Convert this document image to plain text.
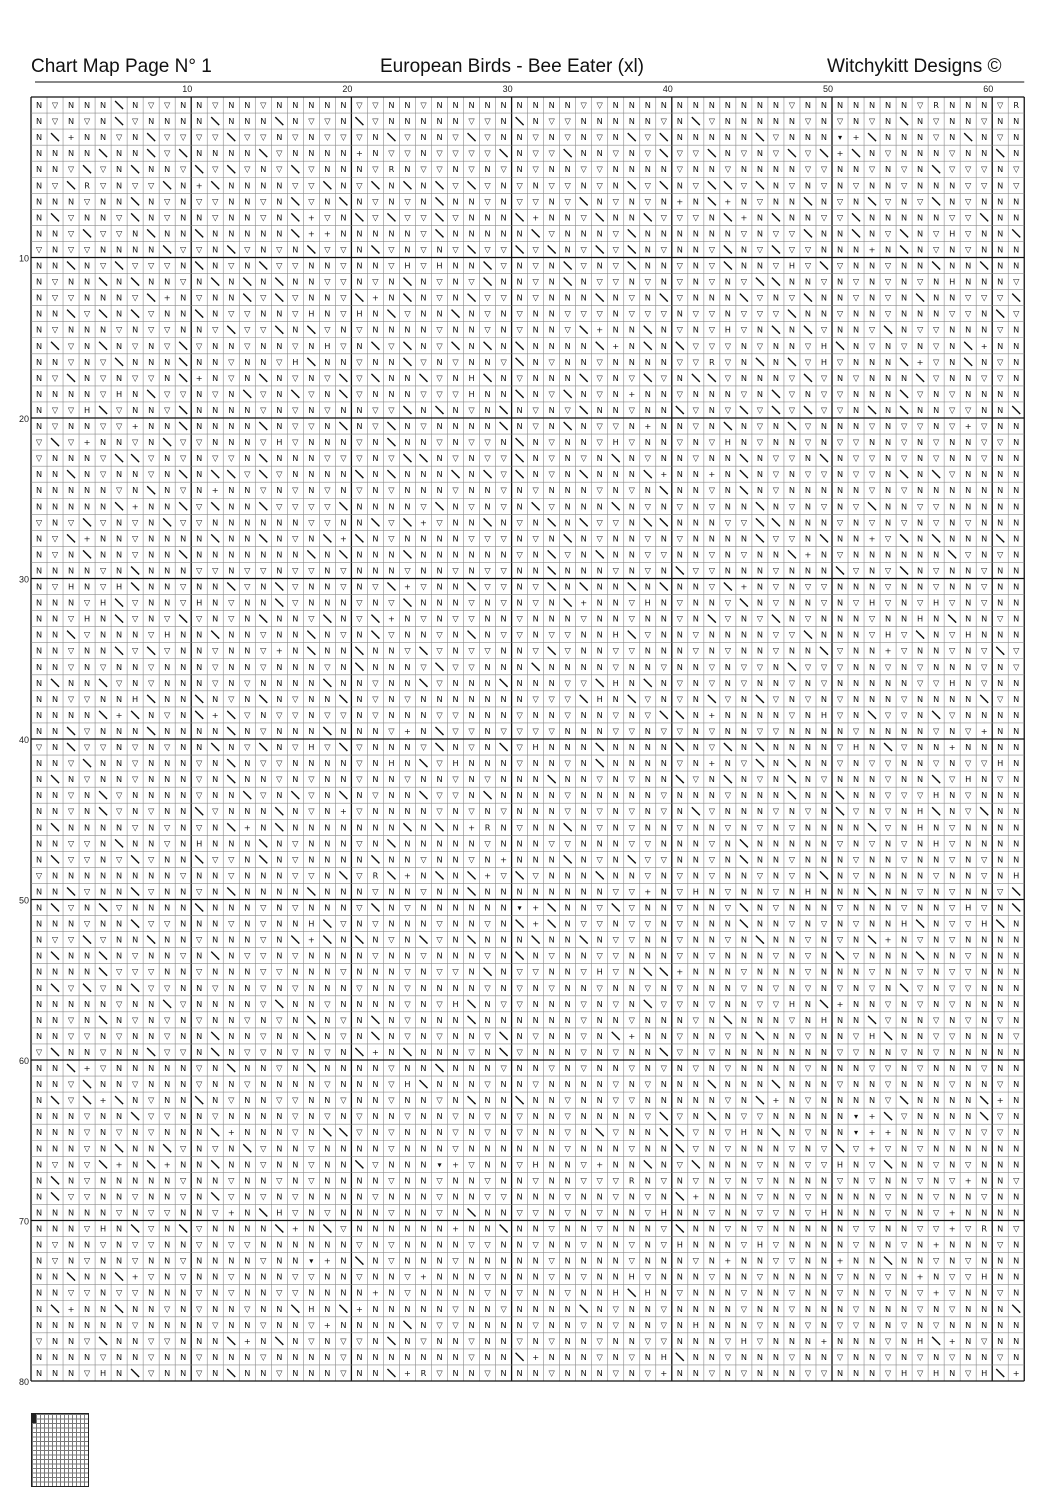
Chart Map Page N° 1	European Birds - Bee Eater (xl)	Witchykitt Designs ©
N ▽ N N N	N ▽ ▽ N N ▽ N N ▽ N N N N N ▽ ▽ N N ▽ N N N N N N N N N ▽ ▽ N N N N N N N N N N N ▽ N N N N N N N ▽ R N N N ▽ R
N ▽ N ▽ N	▽ N N N N	N N N	N ▽ ▽ N	▽ N N N N N ▽ ▽ N	N ▽ ▽ N N N N N ▽ N	▽ N N N N N ▽ N ▽ N ▽ N	N ▽ N N ▽ N N
N	+ N N ▽ N	▽ ▽ ▽ ▽	▽ ▽ N ▽ N ▽ ▽ ▽ N	▽ N N ▽	▽ N N ▽ N ▽ N ▽ N	▽	N N N N N	▽ N N N ▾ +	N N N ▽ N	N ▽ N
N N N N	N N	▽	N N N N	▽ N N N N + N ▽ ▽ N ▽ ▽ ▽ ▽	N ▽ ▽	N N ▽ N ▽	▽ ▽	N ▽ N ▽	▽	+	N ▽ N N N ▽ N N	N
N N ▽	▽ N	N N ▽	▽	▽ N ▽	▽ N N N ▽ R N ▽ ▽ N ▽ N ▽ N ▽ N N ▽ ▽ N N N N ▽ N N ▽ N N N N ▽ ▽ N N ▽ N ▽ N	▽ ▽ ▽ N ▽
N ▽	R ▽ N ▽ ▽	N +	N N N N ▽ ▽	N ▽	N	N	▽	▽ N ▽ N ▽ ▽ N ▽ N	▽	N ▽	▽	N ▽ N ▽ N ▽ N N ▽ N N N ▽ ▽ N ▽
N N N ▽ N N	N ▽ N ▽ ▽ N N ▽ N	▽ N	N ▽ N ▽ N	N N ▽ N ▽ ▽ N ▽	N ▽ N ▽ N + N	+ N ▽ N N	N ▽ N	▽ N ▽	N ▽ N N N
N	▽ N N ▽	N ▽ N N ▽ N N ▽ N	+ ▽ N	▽	▽ ▽	▽ N N N	+ N N ▽	N N	▽ ▽ ▽ N	+ N	N N ▽ ▽	N N N N N ▽ ▽	N N
N N ▽	▽ ▽ N	N N	N N N N N	+ + N N N N N ▽	N N N N N	▽ N N N ▽	N N N N N N ▽ N ▽ ▽	N N	N ▽	N ▽ H ▽ N N
▽ N ▽ ▽ N N N N	▽ ▽ N	▽ N ▽ N	▽ ▽ N	▽ N ▽ N ▽	▽ ▽	▽	N ▽	▽	N ▽ N N ▽	N ▽	▽ ▽ N N N + N	N ▽ N ▽ N N N
N N	N ▽	▽ ▽ ▽ N	N ▽ N	▽ ▽ N N ▽ N N ▽ H ▽ H N N	▽ N ▽ N	▽ N ▽	N N ▽ N ▽	N N ▽ H ▽	▽ N N ▽ N N	N N	N N
N ▽ N N	N	N N ▽ N	N	N	N N ▽ ▽ N ▽ N	N ▽ N ▽	N N ▽ N	N ▽ ▽ N ▽ N ▽ N ▽ N ▽	N N ▽ N ▽ N ▽ N ▽ N H N N N ▽
N ▽ ▽ N N N ▽	+ N ▽ N N	▽	▽ N N ▽	+ N	N ▽ N	▽ ▽ N ▽ N N N	N ▽ N	▽ N N N	▽ N ▽	N N ▽ N ▽ N	N N ▽ ▽ ▽
N N	▽	N	▽ N N	N ▽ ▽ N N ▽ H N ▽ H N	▽ N N	N ▽ N ▽ N N ▽ ▽ ▽ N ▽ ▽ ▽ N ▽ ▽ N ▽ ▽ ▽	N N ▽ N N ▽ N N N ▽ ▽ N	▽
N ▽ N N N ▽ N ▽ ▽ N N ▽	▽ ▽	N	▽ N ▽ N N N N ▽ N N ▽ N ▽ N N ▽	+ N N	N ▽ N ▽ H ▽ N	N	▽ N N ▽	N ▽ ▽ N N N ▽ N
N	▽ N	N ▽ N ▽	▽ N N ▽ N N ▽ N H ▽ N	▽	N ▽	N	N	N N N N	+ N	N	▽ ▽ ▽ N ▽ N N ▽ H	N ▽ N ▽ N ▽ N	+ N N
N N ▽ N ▽	N N N	N N ▽ N N ▽ H	N N ▽ N N	▽ N ▽ N N ▽	N ▽ N N ▽ N N N N ▽ ▽ R ▽ N	N	▽ H ▽ N N N	+ ▽ N	N ▽ N
N ▽	N ▽ N ▽ ▽ N	+ N ▽ N	N ▽ N ▽	▽	N N	▽ N H	N ▽ N N N	▽ N ▽	▽ N	▽ N N N ▽	▽ N ▽ N N N	▽ N N ▽ ▽ N
N N N N ▽ H N	▽ ▽ N ▽ N	▽ N	▽ N	▽ N N N ▽ ▽ ▽ H N N	N ▽	N ▽ N + N N ▽ N N N ▽ N	▽ N ▽ ▽ N N N	▽ N ▽ N N N N
N ▽ ▽ H	▽ N N ▽	N N N N ▽ N ▽ N ▽ N N ▽ ▽	N	N ▽ N	N ▽ N ▽	N N ▽ N N	▽ N ▽	▽	▽	▽ ▽ N	N	N N ▽ ▽ N N
N ▽ N N ▽ ▽ + N N	N N N N	N ▽ ▽ N	N ▽	N ▽ N N N N	N ▽ N	N ▽ ▽ N + N N ▽ N	N ▽ N	▽ N N N ▽ N ▽ ▽ N ▽ + ▽ N N
▽	▽ + N N ▽ N	▽ ▽ N N N ▽ H ▽ N N N ▽ N	N N ▽ N ▽ ▽ N	N ▽ N N ▽ H ▽ N N ▽ N ▽ H N ▽ N N ▽ N ▽ ▽ N N ▽ N ▽ N N ▽ ▽ N
▽ N N N ▽	▽ N ▽ N ▽ ▽ N	N N N ▽ ▽ ▽ N ▽	N ▽ N ▽ ▽	N ▽ N ▽ N	N ▽ N N ▽ N N	N ▽ ▽ N	N ▽ ▽ N ▽ N ▽ N N ▽ N N
N N	N ▽ N N ▽ N	N	▽	▽ N N N N	N	N N N	N	▽	N ▽ N	N N N	+ N N + N	N ▽ N ▽ ▽ N ▽ ▽ N	N	▽ N N N N
N N N N N ▽ N	N ▽ N + N N ▽ N ▽ N ▽ N ▽ N ▽ N N N ▽ N N ▽ N ▽ N N N ▽ N ▽ N	N N ▽ N	N ▽ N N N N N ▽ N ▽ N N N N N N N
N N N N N	+ N N	▽	N N	▽ ▽ ▽ ▽	N N N N ▽	N ▽ N ▽ N	▽ N N N	N ▽ N ▽ N ▽ N N	N ▽ N ▽ N ▽	N N ▽ ▽ N N N N N
▽ N ▽	▽ N ▽ N	▽ ▽ N N N N N N ▽ ▽ N N	▽	+ ▽ N N	N ▽ N	N	▽ ▽ N	N N N ▽ ▽	N N N ▽ N ▽ N ▽ N ▽ N ▽ N N N
N ▽	+ N N ▽ N N N N	N N	N ▽ N	+	N ▽ N N N N ▽ ▽ ▽ N ▽ N	N ▽ N N ▽ N ▽ N N N N	▽ ▽ N	N N + ▽	N	N N N	N
N ▽ N	N N ▽ N N	N N N N N N N	N	N N N	N N N N N N ▽ N	▽ N	N N ▽ ▽ N N ▽ N ▽ N N	+ N ▽ N N N N N N	▽ N ▽ N
N N N N ▽ N	N N N ▽ ▽ N ▽ ▽ N ▽ ▽ N ▽ N N N ▽ N N ▽ N ▽ ▽ N N	N N N ▽ N ▽ N	▽ ▽ N N N ▽ N N N	▽ N ▽	N ▽ N N ▽ N N
N ▽ H N ▽ H	N N ▽ N N	▽ N	▽ N N ▽ N ▽	+ ▽ N N	▽ ▽ N ▽	N	N N	N	N N ▽	+ N ▽ N ▽ ▽ N N N ▽ N N ▽ N N ▽ N N
N N N ▽ H	▽ N N ▽ H N ▽ N N	▽ N N N ▽ N ▽	N N N ▽ N ▽ N ▽ N	+ N N ▽ H N ▽ N N ▽	N ▽ N N ▽ N ▽ H ▽ N ▽ H ▽ N ▽ N N
N N ▽ H N	▽ N ▽	▽ N ▽ N	N N ▽	N ▽	+ N ▽ N ▽ ▽ N N ▽ N N N ▽ N N ▽ N N ▽ N	▽ N ▽	N ▽ N N N ▽ N N H N	N N ▽ N
N N	▽ N N N ▽ H N N	N N ▽ N N	N ▽ N	▽ N N ▽ N	N ▽ ▽ N ▽ ▽ N N H	▽ N N ▽ N N N N ▽ ▽	N N N ▽ H ▽	N ▽ H N N N
N N ▽ N N	▽	▽ N N ▽ N N ▽ + N	N N	N N ▽	▽ N ▽ ▽ N N ▽	▽ N N ▽ ▽ N N N ▽ N ▽ N N ▽ N N	▽ N N + ▽ N N ▽ N ▽	▽
N N ▽ N ▽ N N ▽ N N N ▽ N N ▽ N N N ▽ N	N N N ▽	▽ ▽ N N N	N N N N ▽ N N ▽ N N ▽ N ▽ ▽ N	▽ ▽ ▽ N N ▽ N ▽ N N N ▽ N ▽
N	N N	▽ N ▽ N N N ▽ N ▽ N N N N	N N ▽ N N	▽ N N N	N N N ▽ ▽	H N	N ▽ N ▽ N ▽ N N ▽ N ▽ N N N N N ▽ ▽ H N ▽ N N
N N ▽ ▽ N N H	N N	N ▽ N	N ▽ N N	N ▽ N ▽ N N N N N N N ▽ ▽ ▽	H N	▽ N ▽ N	▽ N	▽ N ▽ N ▽ N N N ▽ N N N N	▽ N
N N N N	+	N ▽ N	+	▽ N ▽ ▽ N ▽ ▽ N ▽ N N N ▽ ▽ N N N ▽ N N ▽ N N ▽ N ▽	N + N N N N ▽ N H ▽ N	▽ ▽ N	▽ N N N N
N N	▽ N N N	N N N N	N ▽ N N N	N N N ▽ + N	▽ ▽ N ▽ ▽ ▽ ▽ N N N ▽ ▽ N ▽ ▽ N ▽ N N ▽ ▽ N N N N ▽ N N N N ▽ N ▽ + N N
▽ N	▽ ▽ N ▽ N ▽ N N	N ▽	N ▽ H ▽	▽ N N N ▽	N ▽ N	▽ H N N N	N N N N	N ▽	N	N N N N ▽ H N	▽ N N + N N N N
N N ▽	N N ▽ N N N ▽ N	N ▽ ▽ N N N N ▽ N H N	▽ H N N N ▽ N N ▽ N	N N N N ▽ N + N ▽	N	N N ▽ N ▽ ▽ N N ▽ N ▽ ▽ H N
N	N ▽ N N ▽ N N N ▽ N	N N ▽ N ▽ N N ▽ N N ▽ N N ▽ N ▽ N N N	N N ▽ N ▽ N N	▽ N	N ▽ N	N ▽ N N N ▽ N N	▽ H N ▽ N
N N ▽ N	▽ N N N N ▽ N N	▽ N	▽ N	N ▽ N N	▽ ▽ N	N N N N ▽ N N N N N ▽ N N N ▽ N N N	N N	N N ▽ ▽ ▽ H N ▽ N N N
N N ▽ N	▽ N ▽ N N	▽ N N N	N ▽ N + ▽ N N N N ▽ N ▽ N ▽ N N N ▽ N ▽ N ▽ N ▽ N	▽ N N N ▽ N ▽ N	▽ N ▽ N H	N ▽	N N
N	N N N N ▽ N ▽ N ▽ N	+ N	N N N N N N N	N	N + R N ▽ N N	N ▽ N ▽ N N ▽ N N ▽ N ▽ N ▽ N N N N	▽ N H N ▽ N N N N
N N ▽ ▽ N	N N ▽ N H N N N	N ▽ N N N ▽ N	N N N N N ▽ N N N ▽ ▽ N N N ▽ ▽ N N N ▽ N	N N N N N ▽ N ▽ N ▽ N H ▽ N N N N
N	▽ ▽ N ▽	▽ N N	▽ ▽ N	N ▽ N N N N	N N ▽ N N ▽ N + N N N	N ▽ N	▽ ▽ N N ▽ N	N N ▽ N N N ▽ N N ▽ N N ▽ N ▽ N N
▽ N N N N N N N N ▽ N N ▽ N N N ▽ ▽ N	▽ R	+ N	N	+ ▽	▽ N N N	N N ▽ N ▽ N ▽ N N ▽ N ▽ N	N ▽ N N N N ▽ N N ▽ N H
N N	▽ N N	▽ N N ▽ N	N N N N	N N N ▽ N N ▽ N N	N N N N N N N N ▽ ▽ + N ▽ H N ▽ N N ▽ N H N N N	N N ▽ N ▽ N N ▽
N	▽ N	▽ N N N N	N N N ▽ N ▽ N N N ▽	N ▽ N N N N N N ▾ +	N N ▽	▽ N N ▽ N N ▽	N ▽ N N N ▽ N N N ▽ N N ▽ H ▽ N
N N N ▽ N N	▽ ▽ N N N ▽ N ▽ N N H	▽ N ▽ N N N ▽ N N ▽ N	+	N ▽ ▽ N ▽ ▽ N ▽ N N N	N N ▽ N ▽ N ▽ N N H	N ▽ ▽ H	N
N ▽ ▽	▽ N N	N N ▽ N N N ▽ N	+	N	N ▽ N	▽ N	N N N	N N	N ▽ ▽ N N ▽ N N ▽ N	N N ▽ N ▽ N	+ N ▽ N ▽ N N N N
N	N N	N ▽ N N ▽ N	N ▽ ▽ N ▽ N N N N ▽ N N ▽ N N N ▽ N	N ▽ N N ▽ ▽ N N N ▽ N ▽ N N N ▽ N ▽ N	▽ N N N	N N ▽ N N N
N N N N	▽ ▽ ▽ N N ▽ N N N ▽ ▽ N N N ▽ N N N ▽ N ▽ ▽ N	N ▽ ▽ N N ▽ H ▽ N	+ N N N ▽ N N N ▽ N N N ▽ N N ▽ N ▽ ▽ N N N
N	▽	▽ N	▽ ▽ N N ▽ N N ▽ N ▽ N N N ▽ N N ▽ N N N N ▽ N ▽ N ▽ N N ▽ N N ▽ N ▽ N N N ▽ N ▽ N ▽ N ▽ N ▽ N	▽ N ▽ ▽ N N N
N N N N N ▽ N N	▽ N N N N ▽	N N ▽ N N N N ▽ N ▽ H	N ▽ ▽ N N N ▽ N ▽ N	▽ ▽ N ▽ N N ▽ ▽ H N	+ N N ▽ N ▽ N ▽ N N N N
N N ▽ N	N ▽ N ▽ N ▽ N N ▽ N ▽ N	N ▽ N	N ▽ N N N	N N N N N N ▽ N N ▽ N N N ▽ N	N N N ▽ N H N N	▽ N N ▽ N ▽ N ▽ N
N N ▽ ▽ N ▽ N N ▽ N N	N N ▽ N N	N ▽ N	N ▽ N ▽ N N ▽	N ▽ N N ▽ N	+ N N ▽ N N ▽ N	N N ▽ N N ▽ H	N N ▽ ▽ N N N ▽
▽	N N ▽ N N	▽ ▽ N	N ▽ ▽ N ▽ N ▽ N	+ N	N N N ▽ N	▽ N N N ▽ N ▽ N N	▽ N ▽ N N N N N N N ▽ ▽ N N ▽ N ▽ N N N N N
N N	+ ▽ N N N N N ▽ N	N N ▽ N	N N N N ▽ N N	N N N ▽ N N ▽ N ▽ N N ▽ N ▽ N ▽ N ▽ N N N N ▽ N N N ▽ ▽ N ▽ N N N ▽ N N
N N ▽	N N ▽ N N N ▽ N N ▽ N N N N ▽ N N N ▽ H	N N N ▽ N N ▽ N N N N ▽ N ▽ N N N	N N N	N N N ▽ N N ▽ N N N ▽ N N ▽ N
N	▽	+	N ▽ N N	N ▽ N N ▽ ▽ N N ▽ N N ▽ N N ▽ N	N N	N N ▽ N N ▽ ▽ N N N N N ▽ N	+ N ▽ N N N N ▽	N N N N	+ N
N N N ▽ N N	▽ ▽ N N ▽ N N N N ▽ N ▽ N ▽ N N ▽ N N ▽ N ▽ N ▽ N N ▽ N N N N ▽	▽ N	N ▽ ▽ N N N N N ▾ +	▽ N N N N	▽ N
N N N ▽ N ▽ N ▽ N N N	+ N N N ▽ N	▽ N ▽ N N N ▽ N ▽ N ▽ N N ▽ N	▽ N N	▽ N ▽ H N	N ▽ N N ▾ + + N N N ▽ N ▽ ▽ N
N N N ▽ N	N N	▽ N ▽ N	▽ N N ▽ N N N N ▽ N N N ▽ N N N N N N ▽ N N N ▽ N N	▽ N ▽ N N N ▽ N ▽	▽ + ▽ N ▽ N N N N N N
N ▽ N ▽	+ N	+ N N	N N ▽ N N ▽ N N	▽ N N N ▾ + ▽ N N ▽ H N N ▽ + N N	N ▽	N N N ▽ N N ▽ ▽ H N ▽	N N ▽ N ▽ N N N
N	N ▽ N N N N N ▽ N N ▽ N N ▽ N ▽ N N N N ▽ N N ▽ N N ▽ N N ▽ N N ▽ ▽ ▽ R N ▽ N ▽ N ▽ N ▽ N N N N ▽ N ▽ N N ▽ N ▽ + N N ▽
N	▽ ▽ N N ▽ N N ▽ N	▽ N ▽ N ▽ N N N N ▽ N N N ▽ N N ▽ ▽ N N N ▽ N N ▽ N ▽ N	+ N N N ▽ N N ▽ N N N N ▽ N N ▽ N N ▽ N N
N N N N N ▽ N ▽ ▽ N N ▽ + N	H ▽ N ▽ N N N ▽ N N ▽ N	N N ▽ ▽ N ▽ N ▽ N N ▽ H N N ▽ N N ▽ ▽ N ▽ H N N N ▽ N N ▽ + N N N N
N N N ▽ H N	▽ N	▽ N N N N	+ N	▽ N N N N N N + N N	N N ▽ N N ▽ N N N ▽	N N ▽ N ▽ N N N N N ▽ ▽ N N ▽ ▽ + ▽ R N ▽
N ▽ N N ▽ N ▽ ▽ N N ▽ N ▽ ▽ N N N N N N ▽ N ▽ N N N N ▽ ▽ N N ▽ N N ▽ N N ▽ N ▽ H N N N ▽ H ▽ N N N N ▽ N N ▽ N + N N N ▽ N
N ▽ N ▽ N N ▽ N N ▽ N N N N ▽ N N ▾ + N	N ▽ N N N ▽ N N N N N ▽ N N N N ▽ N N N ▽ N + N N ▽ ▽ N N + N N	N N ▽ N ▽ N N N
N N	N N	+ ▽ N ▽ N N ▽ N N N ▽ ▽ N N ▽ N N ▽ + N N N ▽ N N N ▽ N ▽ N N H ▽ N N N ▽ N N ▽ N N N N ▽ N N ▽ N + N ▽ ▽ H N N
N N ▽ ▽ N ▽ ▽ N N N ▽ N ▽ N N ▽ ▽ N N N N + N ▽ N N N N ▽ N ▽ N N ▽ N N H	H N ▽ N N N ▽ N N ▽ N N ▽ N N ▽ N ▽ + ▽ N N ▽ N
N	+ N N	N N ▽ N ▽ N N ▽ N N	H N	+ N N N N N ▽ N N ▽ N N N N	N ▽ N N ▽ N N N N ▽ N N ▽ N N N ▽ N N N ▽ N ▽ N N N
N N N N N N ▽ N N N N ▽ N N ▽ N N ▽ + N N N N	N ▽ ▽ N N N N ▽ N N ▽ N ▽ N N ▽ N H N N N ▽ N N ▽ N ▽ ▽ N N ▽ N ▽ N N N N N
▽ N N ▽	N N ▽ ▽ N N N	+ N	N ▽ N ▽ ▽ N	N ▽ N N ▽ N N ▽ N ▽ N N ▽ N N ▽ ▽ N N N ▽ H ▽ N N N + N N N ▽ N H	+ N ▽ N N
N N N N ▽ N N ▽ N N ▽ N N N ▽ N N N N ▽ N N N N N N N ▽ N N	+ N N N ▽ N ▽ N H	N N ▽ N N N ▽ N N ▽ N N ▽ N ▽ N ▽ N N ▽ N
N N N ▽ H N	▽ N N ▽ N	N N ▽ N N N ▽ N N	+ R ▽ N N ▽ N N N ▽ N N N ▽ N ▽ + N N ▽ N ▽ N N N ▽ ▽ N N N ▽ H ▽ H N ▽ H	+
10	20	30	40	50	60
10
20
30
40
50
60
70
80
